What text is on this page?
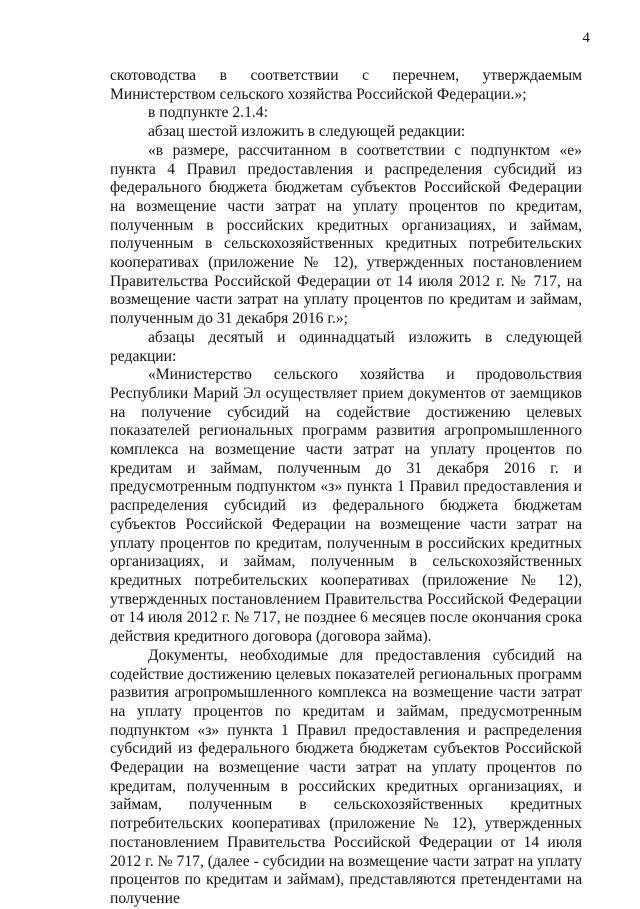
4

скотоводства в соответствии с перечнем, утверждаемым Министерством сельского хозяйства Российской Федерации.»;

в подпункте 2.1.4:

абзац шестой изложить в следующей редакции:

«в размере, рассчитанном в соответствии с подпунктом «е» пункта 4 Правил предоставления и распределения субсидий из федерального бюджета бюджетам субъектов Российской Федерации на возмещение части затрат на уплату процентов по кредитам, полученным в российских кредитных организациях, и займам, полученным в сельскохозяйственных кредитных потребительских кооперативах (приложение № 12), утвержденных постановлением Правительства Российской Федерации от 14 июля 2012 г. № 717, на возмещение части затрат на уплату процентов по кредитам и займам, полученным до 31 декабря 2016 г.»;

абзацы десятый и одиннадцатый изложить в следующей редакции:

«Министерство сельского хозяйства и продовольствия Республики Марий Эл осуществляет прием документов от заемщиков на получение субсидий на содействие достижению целевых показателей региональных программ развития агропромышленного комплекса на возмещение части затрат на уплату процентов по кредитам и займам, полученным до 31 декабря 2016 г. и предусмотренным подпунктом «з» пункта 1 Правил предоставления и распределения субсидий из федерального бюджета бюджетам субъектов Российской Федерации на возмещение части затрат на уплату процентов по кредитам, полученным в российских кредитных организациях, и займам, полученным в сельскохозяйственных кредитных потребительских кооперативах (приложение № 12), утвержденных постановлением Правительства Российской Федерации от 14 июля 2012 г. № 717, не позднее 6 месяцев после окончания срока действия кредитного договора (договора займа).

Документы, необходимые для предоставления субсидий на содействие достижению целевых показателей региональных программ развития агропромышленного комплекса на возмещение части затрат на уплату процентов по кредитам и займам, предусмотренным подпунктом «з» пункта 1 Правил предоставления и распределения субсидий из федерального бюджета бюджетам субъектов Российской Федерации на возмещение части затрат на уплату процентов по кредитам, полученным в российских кредитных организациях, и займам, полученным в сельскохозяйственных кредитных потребительских кооперативах (приложение № 12), утвержденных постановлением Правительства Российской Федерации от 14 июля 2012 г. № 717, (далее - субсидии на возмещение части затрат на уплату процентов по кредитам и займам), представляются претендентами на получение
